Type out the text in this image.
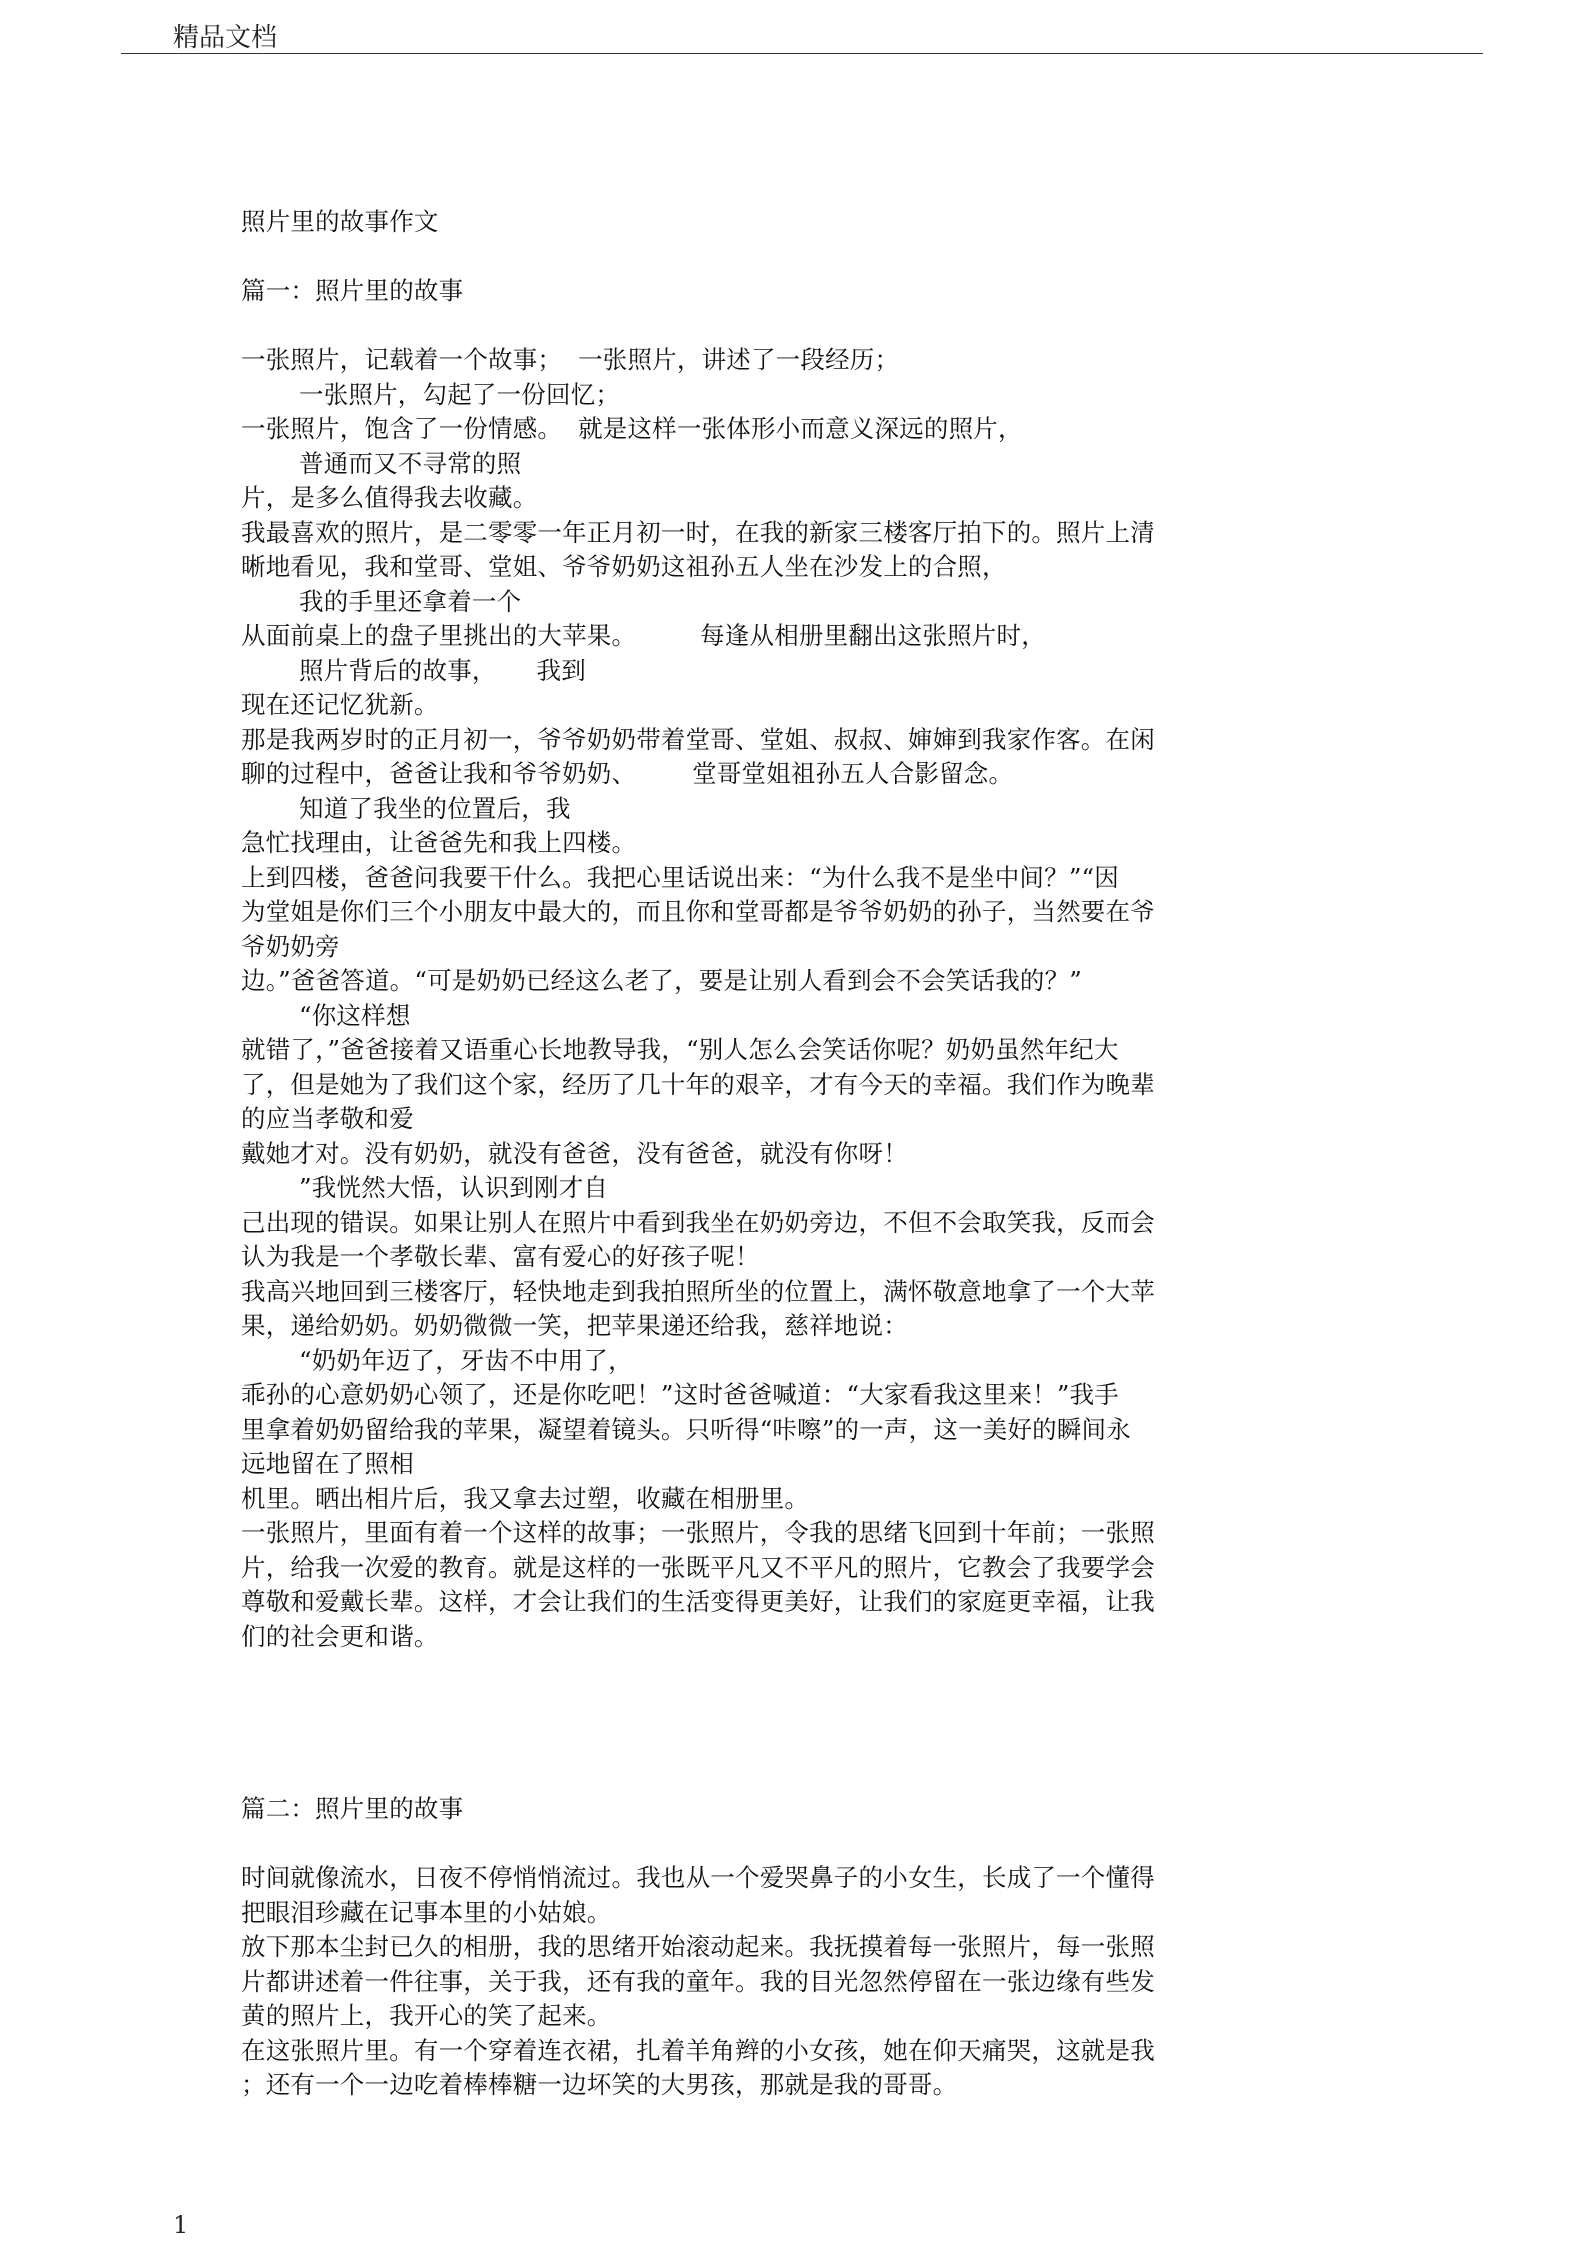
精品文档
照片里的故事作文
篇一：照片里的故事
一张照片，记载着一个故事；  一张照片，讲述了一段经历；
一张照片，勾起了一份回忆；
一张照片，饱含了一份情感。  就是这样一张体形小而意义深远的照片，
普通而又不寻常的照
片，是多么值得我去收藏。
我最喜欢的照片，是二零零一年正月初一时，在我的新家三楼客厅拍下的。照片上清
晰地看见，我和堂哥、堂姐、爷爷奶奶这祖孙五人坐在沙发上的合照，
我的手里还拿着一个
从面前桌上的盘子里挑出的大苹果。        每逢从相册里翻出这张照片时，
照片背后的故事，     我到
现在还记忆犹新。
那是我两岁时的正月初一，爷爷奶奶带着堂哥、堂姐、叔叔、婶婶到我家作客。在闲
聊的过程中，爸爸让我和爷爷奶奶、       堂哥堂姐祖孙五人合影留念。
知道了我坐的位置后，我
急忙找理由，让爸爸先和我上四楼。
上到四楼，爸爸问我要干什么。我把心里话说出来：“为什么我不是坐中间？”“因
为堂姐是你们三个小朋友中最大的，而且你和堂哥都是爷爷奶奶的孙子，当然要在爷
爷奶奶旁
边。”爸爸答道。“可是奶奶已经这么老了，要是让别人看到会不会笑话我的？”
“你这样想
就错了，”爸爸接着又语重心长地教导我，“别人怎么会笑话你呢？奶奶虽然年纪大
了，但是她为了我们这个家，经历了几十年的艰辛，才有今天的幸福。我们作为晚辈
的应当孝敬和爱
戴她才对。没有奶奶，就没有爸爸，没有爸爸，就没有你呀！
”我恍然大悟，认识到刚才自
己出现的错误。如果让别人在照片中看到我坐在奶奶旁边，不但不会取笑我，反而会
认为我是一个孝敬长辈、富有爱心的好孩子呢！
我高兴地回到三楼客厅，轻快地走到我拍照所坐的位置上，满怀敬意地拿了一个大苹
果，递给奶奶。奶奶微微一笑，把苹果递还给我，慈祥地说：
“奶奶年迈了，牙齿不中用了，
乖孙的心意奶奶心领了，还是你吃吧！”这时爸爸喊道：“大家看我这里来！”我手
里拿着奶奶留给我的苹果，凝望着镜头。只听得“咔嚓”的一声，这一美好的瞬间永
远地留在了照相
机里。晒出相片后，我又拿去过塑，收藏在相册里。
一张照片，里面有着一个这样的故事；一张照片，令我的思绪飞回到十年前；一张照
片，给我一次爱的教育。就是这样的一张既平凡又不平凡的照片，它教会了我要学会
尊敬和爱戴长辈。这样，才会让我们的生活变得更美好，让我们的家庭更幸福，让我
们的社会更和谐。
篇二：照片里的故事
时间就像流水，日夜不停悄悄流过。我也从一个爱哭鼻子的小女生，长成了一个懂得
把眼泪珍藏在记事本里的小姑娘。
放下那本尘封已久的相册，我的思绪开始滚动起来。我抚摸着每一张照片，每一张照
片都讲述着一件往事，关于我，还有我的童年。我的目光忽然停留在一张边缘有些发
黄的照片上，我开心的笑了起来。
在这张照片里。有一个穿着连衣裙，扎着羊角辫的小女孩，她在仰天痛哭，这就是我
；还有一个一边吃着棒棒糖一边坏笑的大男孩，那就是我的哥哥。
1
